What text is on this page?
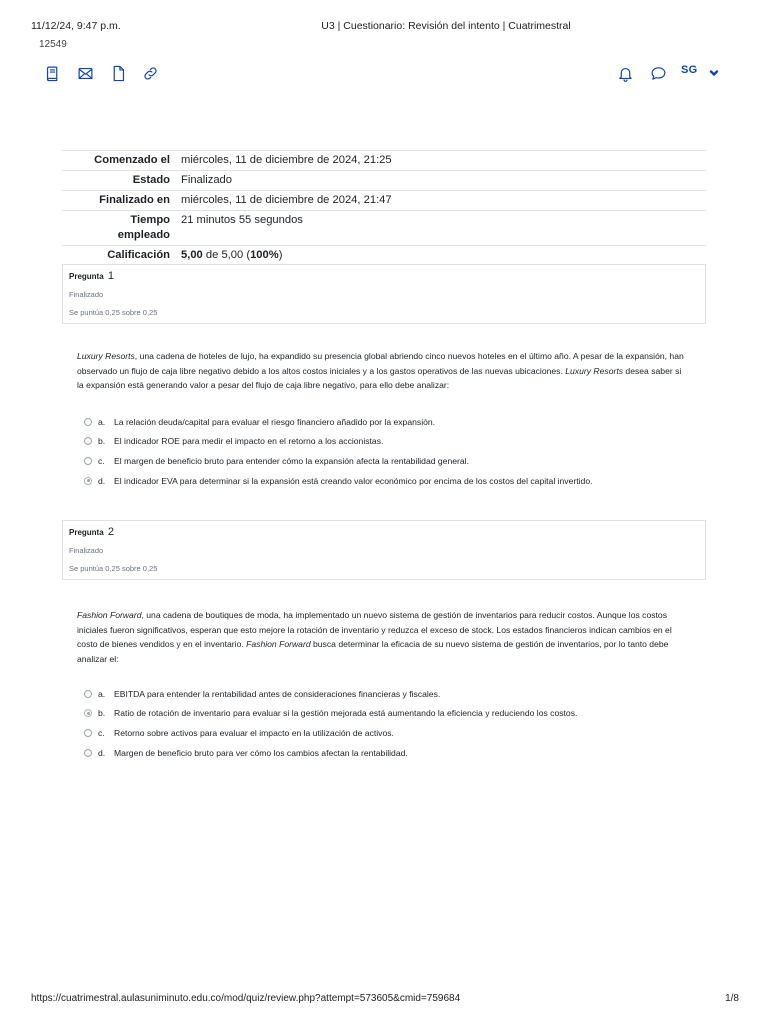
11/12/24, 9:47 p.m.	U3 | Cuestionario: Revisión del intento | Cuatrimestral
12549
SG
Comenzado el	miércoles, 11 de diciembre de 2024, 21:25
Estado	Finalizado
Finalizado en	miércoles, 11 de diciembre de 2024, 21:47
Tiempo
empleado	21 minutos 55 segundos
Calificación	5,00 de 5,00 (100%)
Pregunta 1
Finalizado
Se puntúa 0,25 sobre 0,25
Luxury Resorts, una cadena de hoteles de lujo, ha expandido su presencia global abriendo cinco nuevos hoteles en el último año. A pesar de la expansión, han observado un flujo de caja libre negativo debido a los altos costos iniciales y a los gastos operativos de las nuevas ubicaciones. Luxury Resorts desea saber si la expansión está generando valor a pesar del flujo de caja libre negativo, para ello debe analizar:
a.	La relación deuda/capital para evaluar el riesgo financiero añadido por la expansión.
b.	El indicador ROE para medir el impacto en el retorno a los accionistas.
c.	El margen de beneficio bruto para entender cómo la expansión afecta la rentabilidad general.
d.	El indicador EVA para determinar si la expansión está creando valor económico por encima de los costos del capital invertido.
Pregunta 2
Finalizado
Se puntúa 0,25 sobre 0,25
Fashion Forward, una cadena de boutiques de moda, ha implementado un nuevo sistema de gestión de inventarios para reducir costos. Aunque los costos iniciales fueron significativos, esperan que esto mejore la rotación de inventario y reduzca el exceso de stock. Los estados financieros indican cambios en el costo de bienes vendidos y en el inventario. Fashion Forward busca determinar la eficacia de su nuevo sistema de gestión de inventarios, por lo tanto debe analizar el:
a.	EBITDA para entender la rentabilidad antes de consideraciones financieras y fiscales.
b.	Ratio de rotación de inventario para evaluar si la gestión mejorada está aumentando la eficiencia y reduciendo los costos.
c.	Retorno sobre activos para evaluar el impacto en la utilización de activos.
d.	Margen de beneficio bruto para ver cómo los cambios afectan la rentabilidad.
https://cuatrimestral.aulasuniminuto.edu.co/mod/quiz/review.php?attempt=573605&cmid=759684	1/8
